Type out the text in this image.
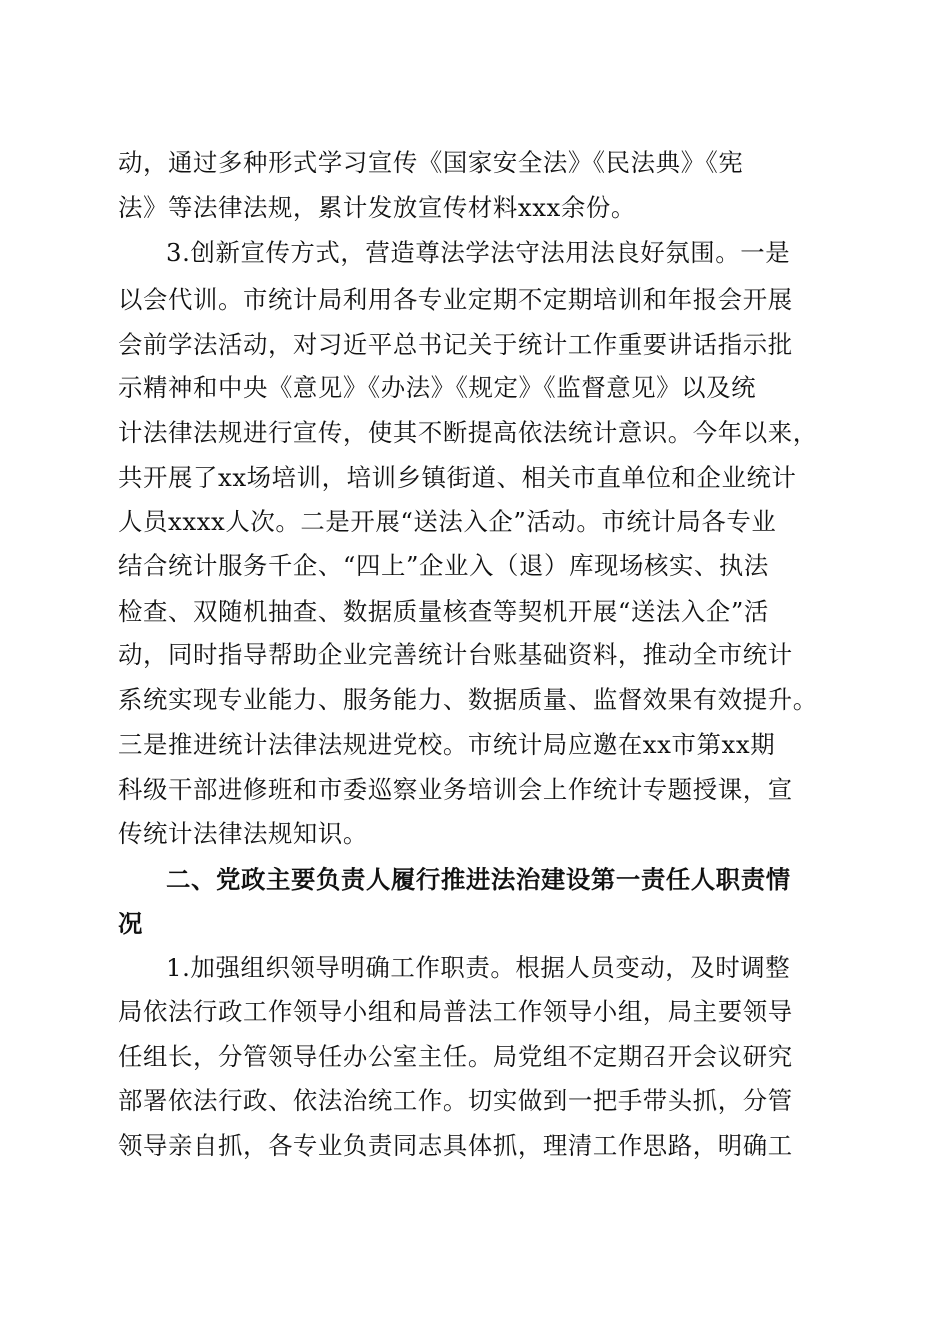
动，通过多种形式学习宣传《国家安全法》《民法典》《宪
法》等法律法规，累计发放宣传材料xxx余份。
3.创新宣传方式，营造尊法学法守法用法良好氛围。一是
以会代训。市统计局利用各专业定期不定期培训和年报会开展
会前学法活动，对习近平总书记关于统计工作重要讲话指示批
示精神和中央《意见》《办法》《规定》《监督意见》以及统
计法律法规进行宣传，使其不断提高依法统计意识。今年以来，
共开展了xx场培训，培训乡镇街道、相关市直单位和企业统计
人员xxxx人次。二是开展“送法入企”活动。市统计局各专业
结合统计服务千企、“四上”企业入（退）库现场核实、执法
检查、双随机抽查、数据质量核查等契机开展“送法入企”活
动，同时指导帮助企业完善统计台账基础资料，推动全市统计
系统实现专业能力、服务能力、数据质量、监督效果有效提升。
三是推进统计法律法规进党校。市统计局应邀在xx市第xx期
科级干部进修班和市委巡察业务培训会上作统计专题授课，宣
传统计法律法规知识。
二、党政主要负责人履行推进法治建设第一责任人职责情
况
1.加强组织领导明确工作职责。根据人员变动，及时调整
局依法行政工作领导小组和局普法工作领导小组，局主要领导
任组长，分管领导任办公室主任。局党组不定期召开会议研究
部署依法行政、依法治统工作。切实做到一把手带头抓，分管
领导亲自抓，各专业负责同志具体抓，理清工作思路，明确工
